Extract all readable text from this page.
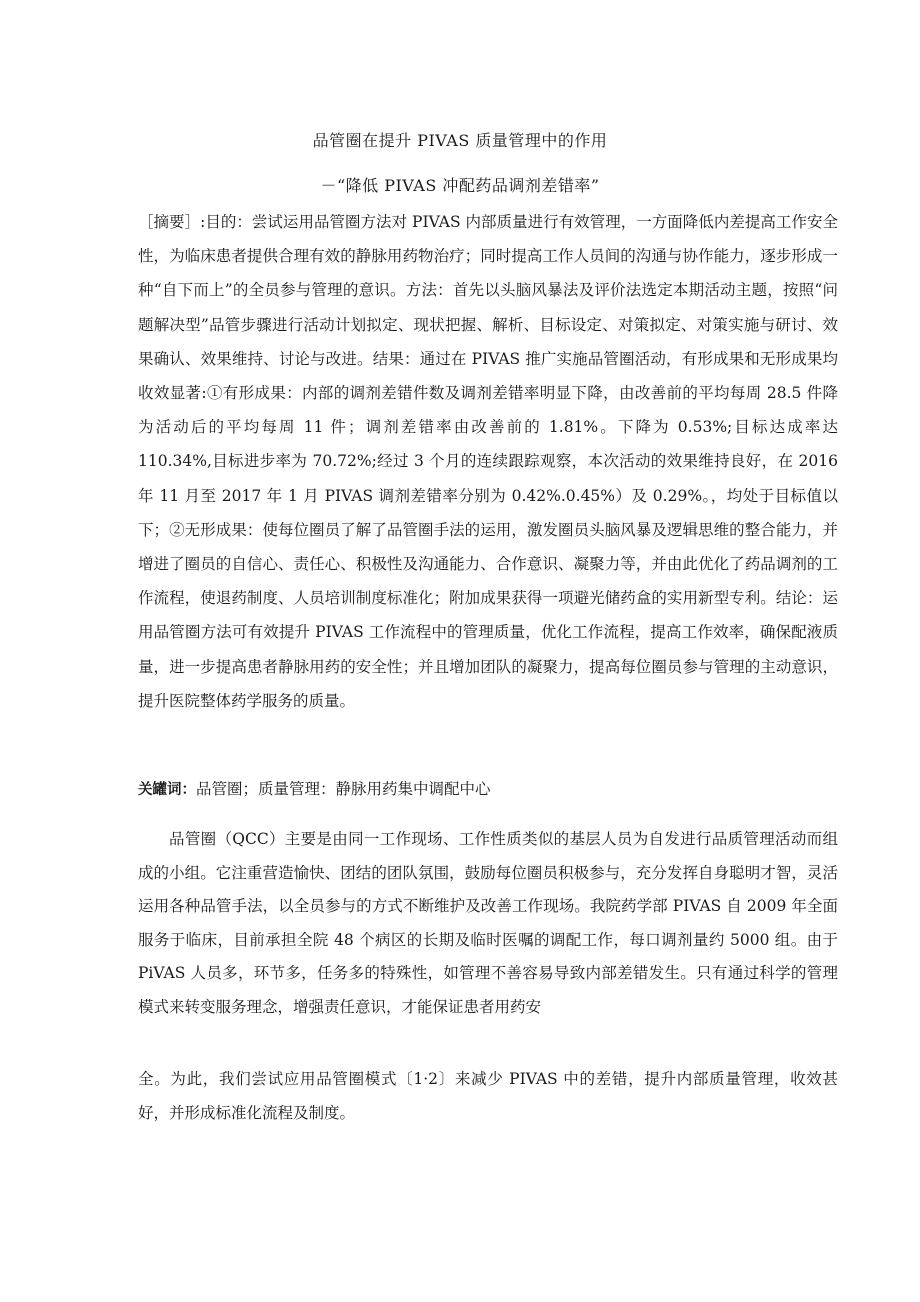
品管圈在提升 PIVAS 质量管理中的作用
－“降低 PIVAS 冲配药品调剂差错率”

［摘要］:目的：尝试运用品管圈方法对 PIVAS 内部质量进行有效管理，一方面降低内差提高工作安全性，为临床患者提供合理有效的静脉用药物治疗；同时提高工作人员间的沟通与协作能力，逐步形成一种“自下而上”的全员参与管理的意识。方法：首先以头脑风暴法及评价法选定本期活动主题，按照“问题解决型”品管步骤进行活动计划拟定、现状把握、解析、目标设定、对策拟定、对策实施与研讨、效果确认、效果维持、讨论与改进。结果：通过在 PIVAS 推广实施品管圈活动，有形成果和无形成果均收效显著:①有形成果：内部的调剂差错件数及调剂差错率明显下降，由改善前的平均每周 28.5 件降为活动后的平均每周 11 件；调剂差错率由改善前的 1.81%。下降为 0.53%;目标达成率达 110.34%,目标进步率为 70.72%;经过 3 个月的连续跟踪观察，本次活动的效果维持良好，在 2016 年 11 月至 2017 年 1 月 PIVAS 调剂差错率分别为 0.42%.0.45%）及 0.29%。，均处于目标值以下；②无形成果：使每位圈员了解了品管圈手法的运用，激发圈员头脑风暴及逻辑思维的整合能力，并增进了圈员的自信心、责任心、积极性及沟通能力、合作意识、凝聚力等，并由此优化了药品调剂的工作流程，使退药制度、人员培训制度标准化；附加成果获得一项避光储药盒的实用新型专利。结论：运用品管圈方法可有效提升 PIVAS 工作流程中的管理质量，优化工作流程，提高工作效率，确保配液质量，进一步提高患者静脉用药的安全性；并且增加团队的凝聚力，提高每位圈员参与管理的主动意识，提升医院整体药学服务的质量。

关罐词：品管圈；质量管理：静脉用药集中调配中心

品管圈（QCC）主要是由同一工作现场、工作性质类似的基层人员为自发进行品质管理活动而组成的小组。它注重营造愉快、团结的团队氛围，鼓励每位圈员积极参与，充分发挥自身聪明才智，灵活运用各种品管手法，以全员参与的方式不断维护及改善工作现场。我院药学部 PIVAS 自 2009 年全面服务于临床，目前承担全院 48 个病区的长期及临时医嘱的调配工作，每口调剂量约 5000 组。由于 PiVAS 人员多，环节多，任务多的特殊性，如管理不善容易导致内部差错发生。只有通过科学的管理模式来转变服务理念，增强责任意识，才能保证患者用药安

全。为此，我们尝试应用品管圈模式〔1·2〕来减少 PIVAS 中的差错，提升内部质量管理，收效甚好，并形成标准化流程及制度。
